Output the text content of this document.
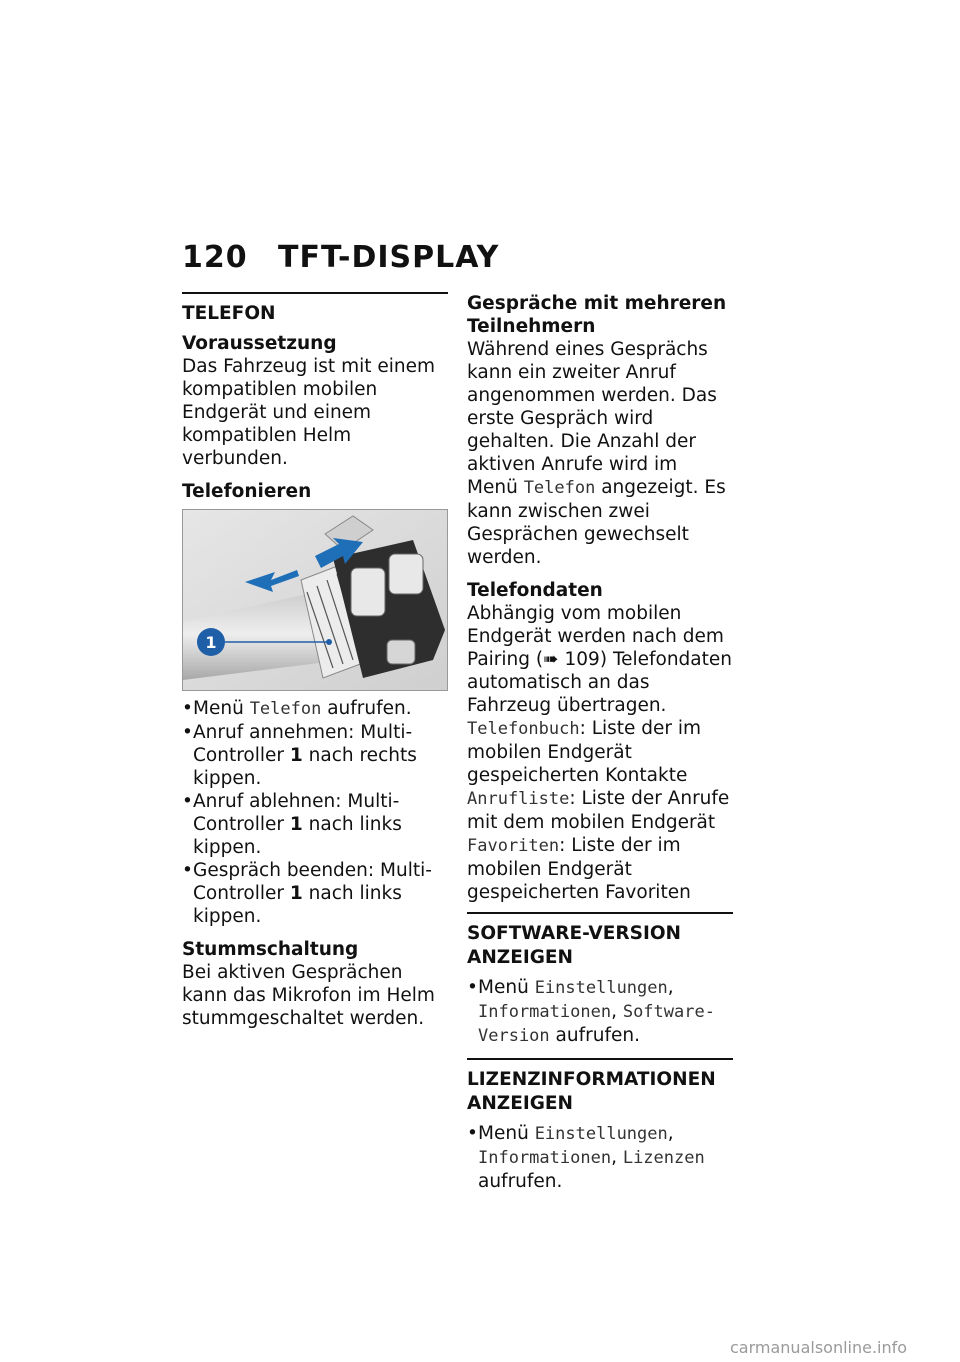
120	TFT-DISPLAY
TELEFON
Voraussetzung

Das Fahrzeug ist mit einem kompatiblen mobilen Endgerät und einem kompatiblen Helm verbunden.

Telefonieren
1
• Menü Telefon aufrufen.
• Anruf annehmen: Multi-Controller 1 nach rechts kippen.
• Anruf ablehnen: Multi-Controller 1 nach links kippen.
• Gespräch beenden: Multi-Controller 1 nach links kippen.
Stummschaltung

Bei aktiven Gesprächen kann das Mikrofon im Helm stummgeschaltet werden.

Gespräche mit mehreren Teilnehmern

Während eines Gesprächs kann ein zweiter Anruf angenommen werden. Das erste Gespräch wird gehalten. Die Anzahl der aktiven Anrufe wird im Menü Telefon angezeigt. Es kann zwischen zwei Gesprächen gewechselt werden.

Telefondaten
Abhängig vom mobilen Endgerät werden nach dem Pairing (➠ 109) Telefondaten automatisch an das Fahrzeug übertragen.
Telefonbuch: Liste der im mobilen Endgerät gespeicherten Kontakte
Anrufliste: Liste der Anrufe mit dem mobilen Endgerät
Favoriten: Liste der im mobilen Endgerät gespeicherten Favoriten
SOFTWARE-VERSION ANZEIGEN
• Menü Einstellungen, Informationen, Software-Version aufrufen.
LIZENZINFORMATIONEN ANZEIGEN
• Menü Einstellungen, Informationen, Lizenzen aufrufen.
carmanualsonline.info
